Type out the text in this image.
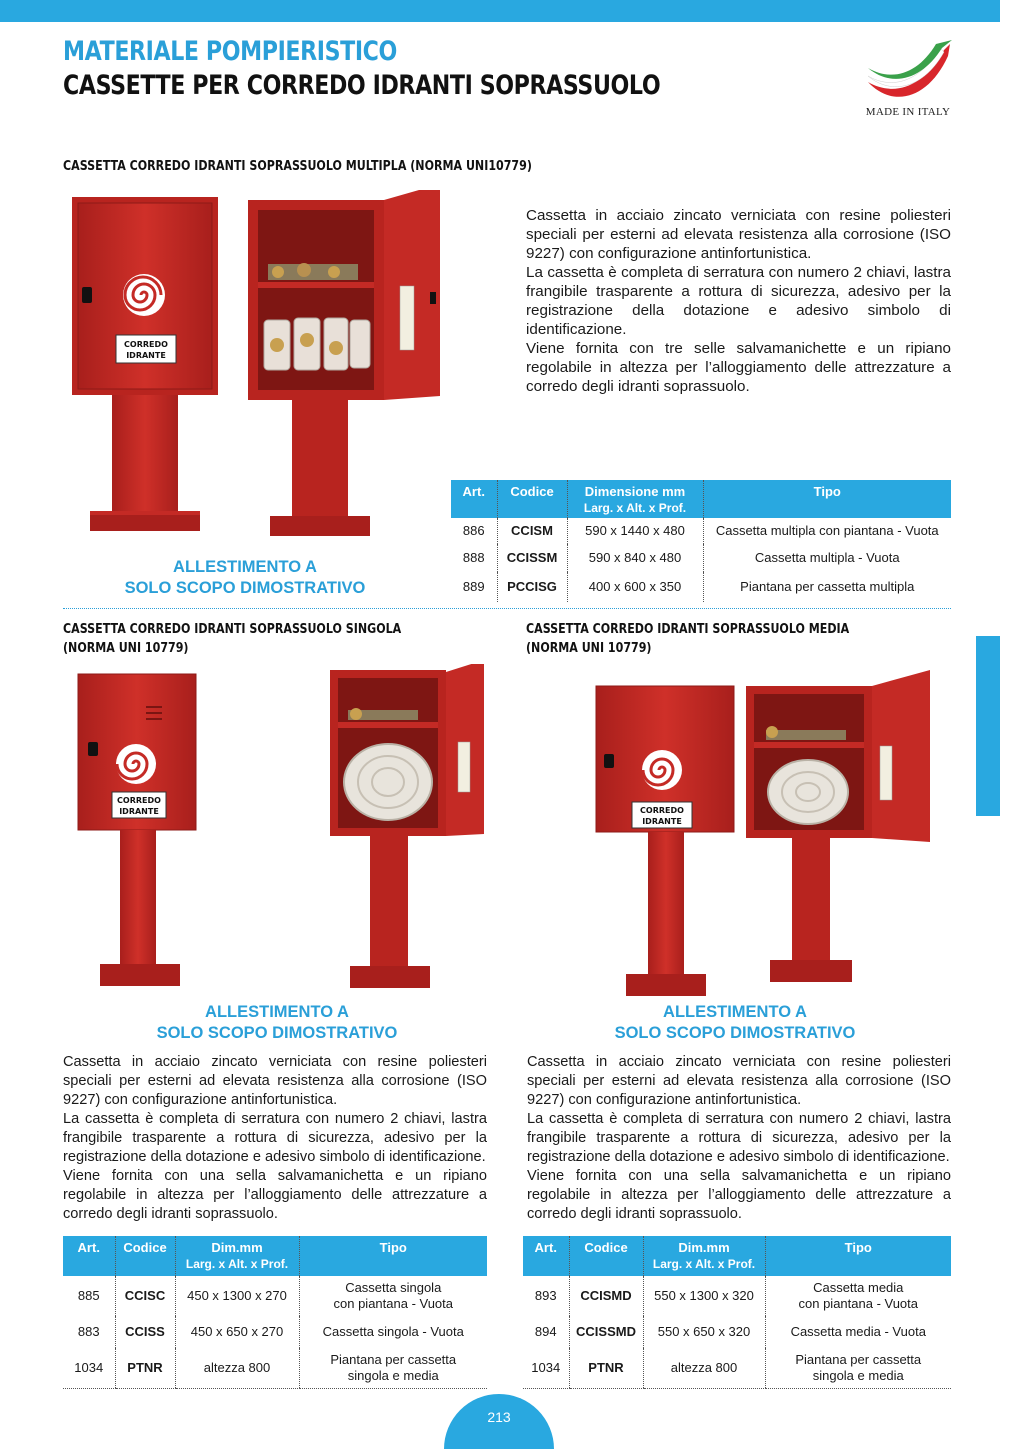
MATERIALE POMPIERISTICO
CASSETTE PER CORREDO IDRANTI SOPRASSUOLO
MADE IN ITALY
CASSETTA CORREDO IDRANTI SOPRASSUOLO MULTIPLA (NORMA UNI10779)
CORREDO
IDRANTE

Cassetta in acciaio zincato verniciata con resine poliesteri speciali per esterni ad elevata resistenza alla corrosione (ISO 9227) con configurazione antinfortunistica.

La cassetta è completa di serratura con numero 2 chiavi, lastra frangibile trasparente a rottura di sicurezza, adesivo per la registrazione della dotazione e adesivo simbolo di identificazione.

Viene fornita con tre selle salvamanichette e un ripiano regolabile in altezza per l’alloggiamento delle attrezzature a corredo degli idranti soprassuolo.

Art.	Codice	Dimensione mm
Larg. x Alt. x Prof.	Tipo
886	CCISM	590 x 1440 x 480	Cassetta multipla con piantana - Vuota
888	CCISSM	590 x 840 x 480	Cassetta multipla - Vuota
889	PCCISG	400 x 600 x 350	Piantana per cassetta multipla
ALLESTIMENTO A
SOLO SCOPO DIMOSTRATIVO
CASSETTA CORREDO IDRANTI SOPRASSUOLO SINGOLA
(NORMA UNI 10779)
CORREDO
IDRANTE
ALLESTIMENTO A
SOLO SCOPO DIMOSTRATIVO

Cassetta in acciaio zincato verniciata con resine poliesteri speciali per esterni ad elevata resistenza alla corrosione (ISO 9227) con configurazione antinfortunistica.

La cassetta è completa di serratura con numero 2 chiavi, lastra frangibile trasparente a rottura di sicurezza, adesivo per la registrazione della dotazione e adesivo simbolo di identificazione.

Viene fornita con una sella salvamanichetta e un ripiano regolabile in altezza per l’alloggiamento delle attrezzature a corredo degli idranti soprassuolo.

Art.	Codice	Dim.mm
Larg. x Alt. x Prof.	Tipo
885	CCISC	450 x 1300 x 270	Cassetta singola
con piantana - Vuota

883	CCISS	450 x 650 x 270	Cassetta singola - Vuota
1034	PTNR	altezza 800	Piantana per cassetta
singola e media
CASSETTA CORREDO IDRANTI SOPRASSUOLO MEDIA
(NORMA UNI 10779)
CORREDO
IDRANTE
ALLESTIMENTO A
SOLO SCOPO DIMOSTRATIVO

Cassetta in acciaio zincato verniciata con resine poliesteri speciali per esterni ad elevata resistenza alla corrosione (ISO 9227) con configurazione antinfortunistica.

La cassetta è completa di serratura con numero 2 chiavi, lastra frangibile trasparente a rottura di sicurezza, adesivo per la registrazione della dotazione e adesivo simbolo di identificazione.

Viene fornita con una sella salvamanichetta e un ripiano regolabile in altezza per l’alloggiamento delle attrezzature a corredo degli idranti soprassuolo.

Art.	Codice	Dim.mm
Larg. x Alt. x Prof.	Tipo
893	CCISMD	550 x 1300 x 320	Cassetta media
con piantana - Vuota

894	CCISSMD	550 x 650 x 320	Cassetta media - Vuota
1034	PTNR	altezza 800	Piantana per cassetta
singola e media
213
